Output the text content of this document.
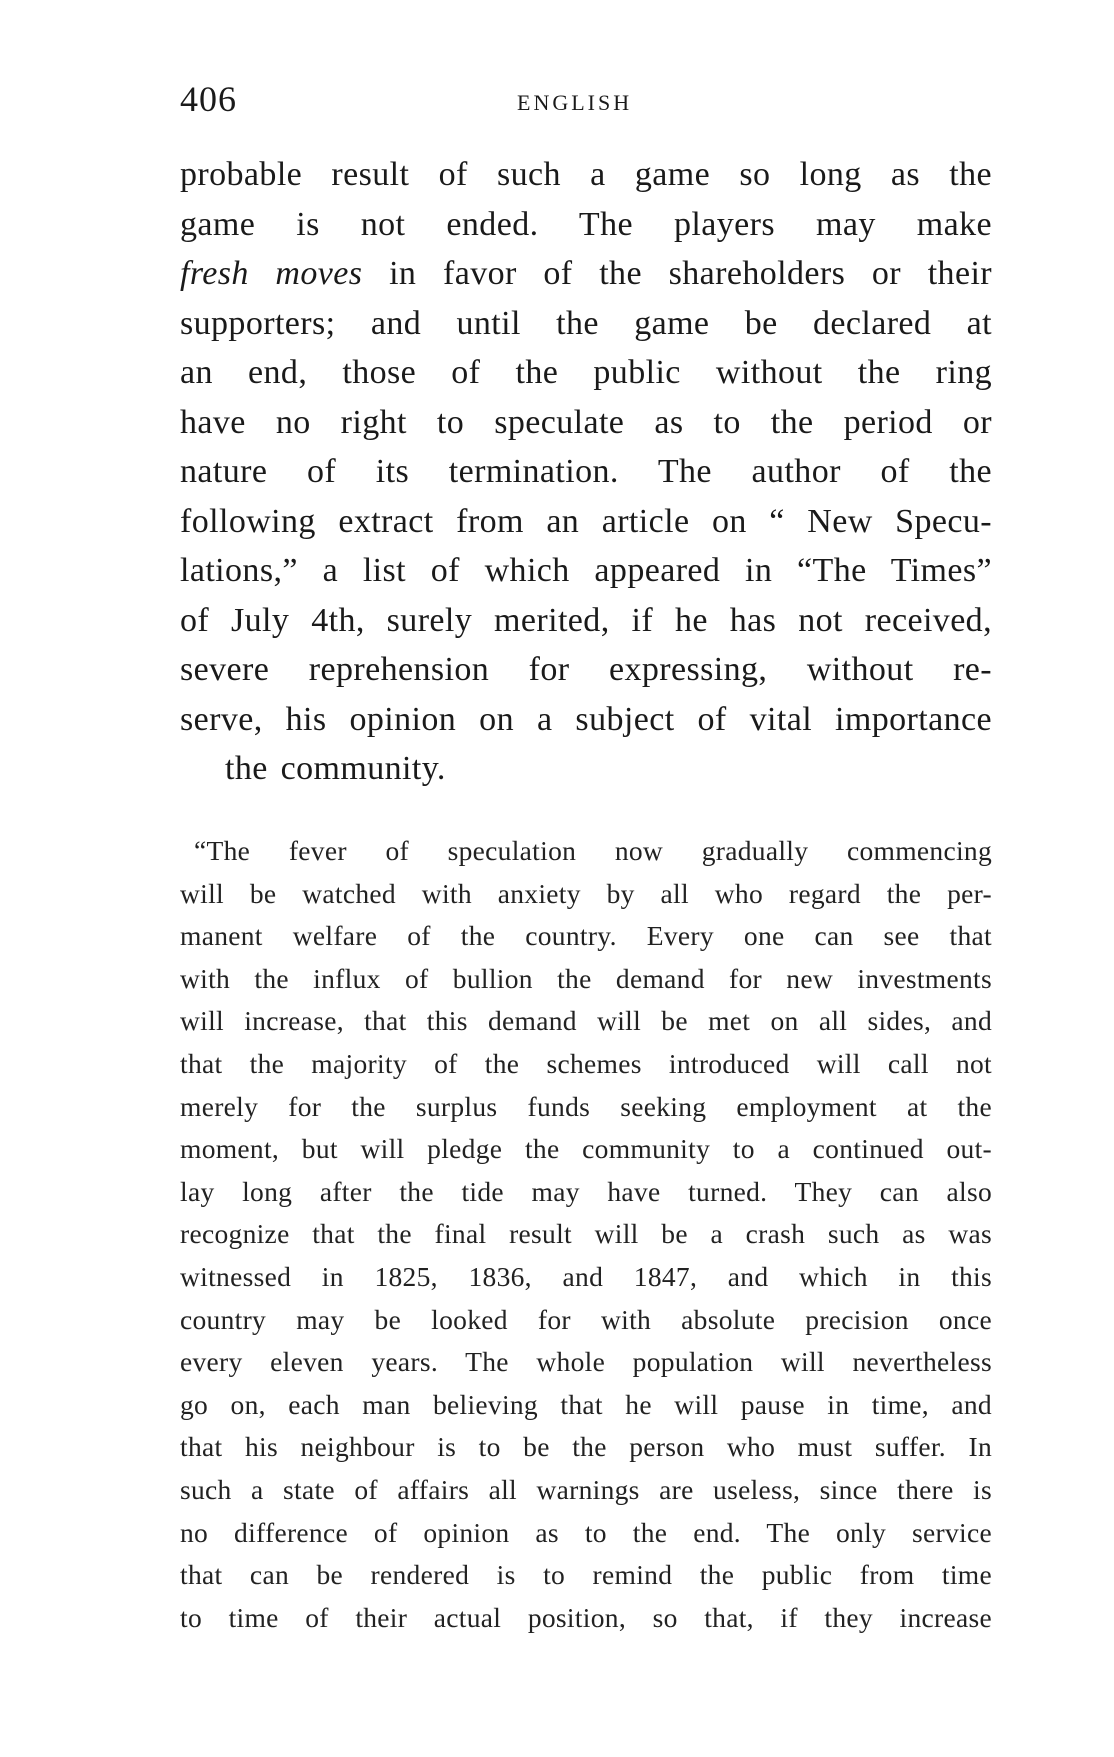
406	ENGLISH
probable result of such a game so long as the
game is not ended. The players may make
fresh moves in favor of the shareholders or their
supporters; and until the game be declared at
an end, those of the public without the ring
have no right to speculate as to the period or
nature of its termination. The author of the
following extract from an article on “ New Specu-
lations,” a list of which appeared in “The Times”
of July 4th, surely merited, if he has not received,
severe reprehension for expressing, without re-
serve, his opinion on a subject of vital importance
the community.
“The fever of speculation now gradually commencing
will be watched with anxiety by all who regard the per-
manent welfare of the country. Every one can see that
with the influx of bullion the demand for new investments
will increase, that this demand will be met on all sides, and
that the majority of the schemes introduced will call not
merely for the surplus funds seeking employment at the
moment, but will pledge the community to a continued out-
lay long after the tide may have turned. They can also
recognize that the final result will be a crash such as was
witnessed in 1825, 1836, and 1847, and which in this
country may be looked for with absolute precision once
every eleven years. The whole population will nevertheless
go on, each man believing that he will pause in time, and
that his neighbour is to be the person who must suffer. In
such a state of affairs all warnings are useless, since there is
no difference of opinion as to the end. The only service
that can be rendered is to remind the public from time
to time of their actual position, so that, if they increase
